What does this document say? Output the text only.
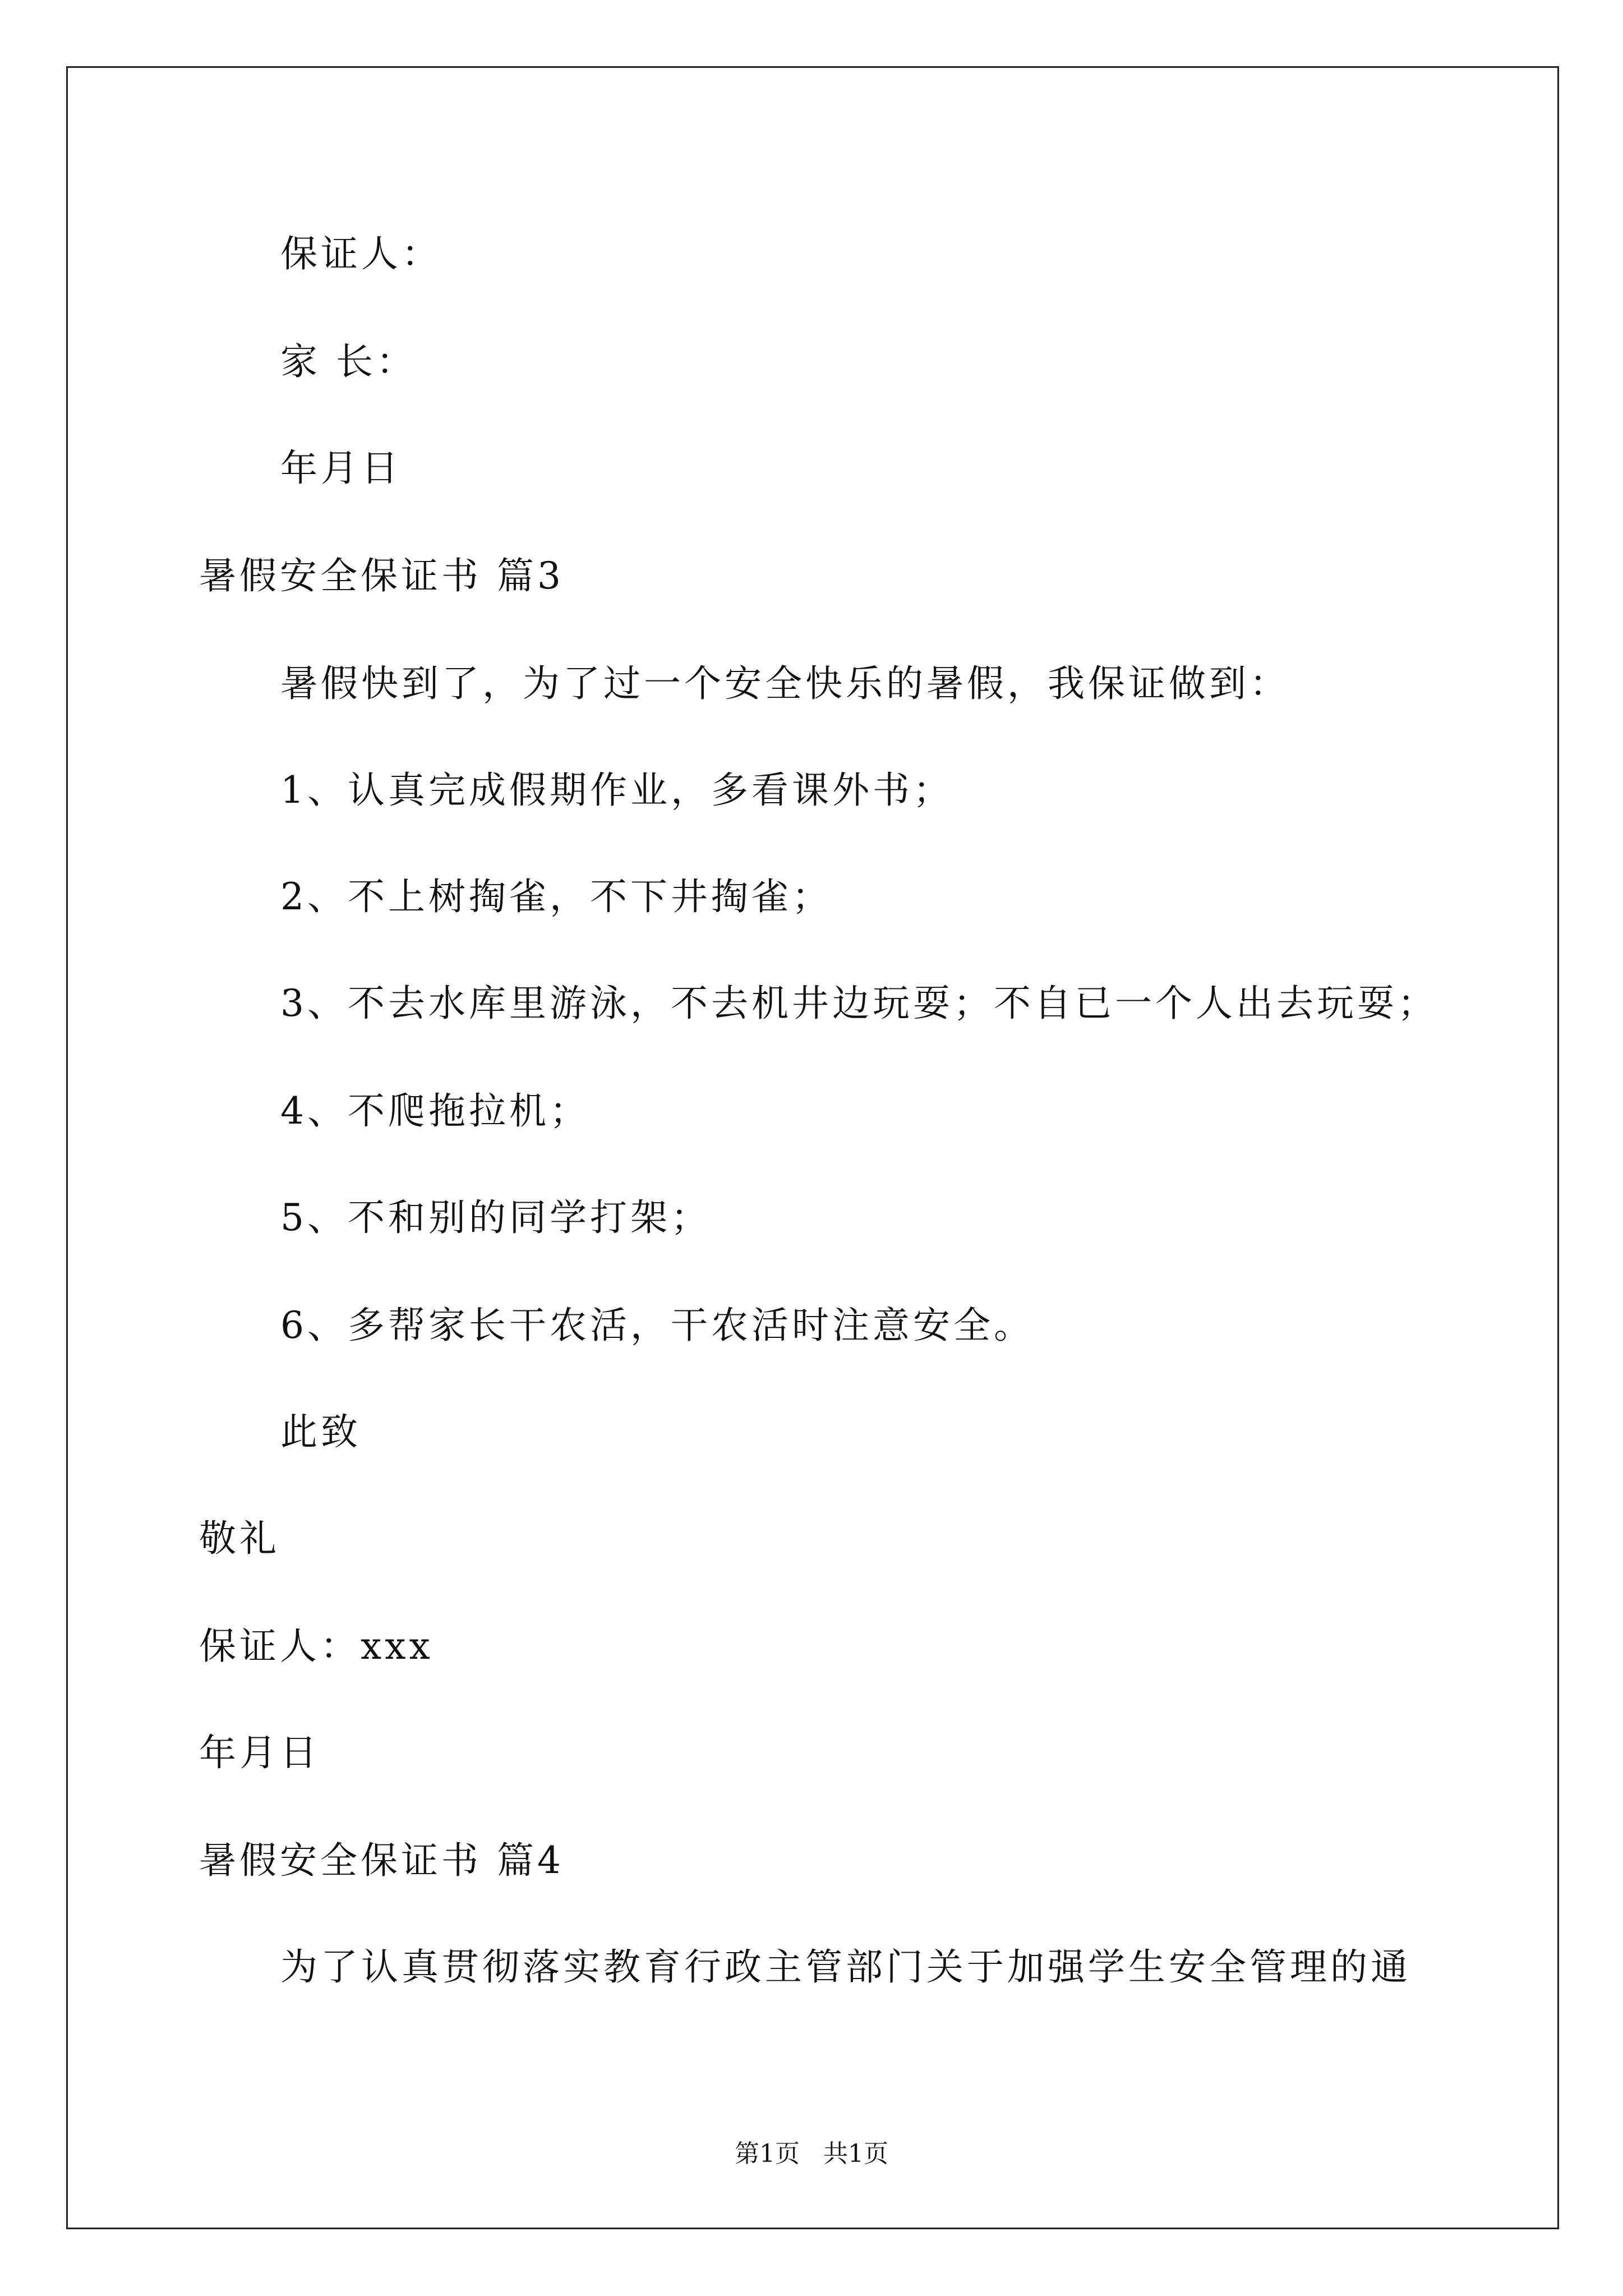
保证人：
家 长：
年月日
暑假安全保证书 篇3
暑假快到了，为了过一个安全快乐的暑假，我保证做到：
1、认真完成假期作业，多看课外书；
2、不上树掏雀，不下井掏雀；
3、不去水库里游泳，不去机井边玩耍；不自已一个人出去玩耍；
4、不爬拖拉机；
5、不和别的同学打架；
6、多帮家长干农活，干农活时注意安全。
此致
敬礼
保证人：xxx
年月日
暑假安全保证书 篇4
为了认真贯彻落实教育行政主管部门关于加强学生安全管理的通
第1页   共1页
